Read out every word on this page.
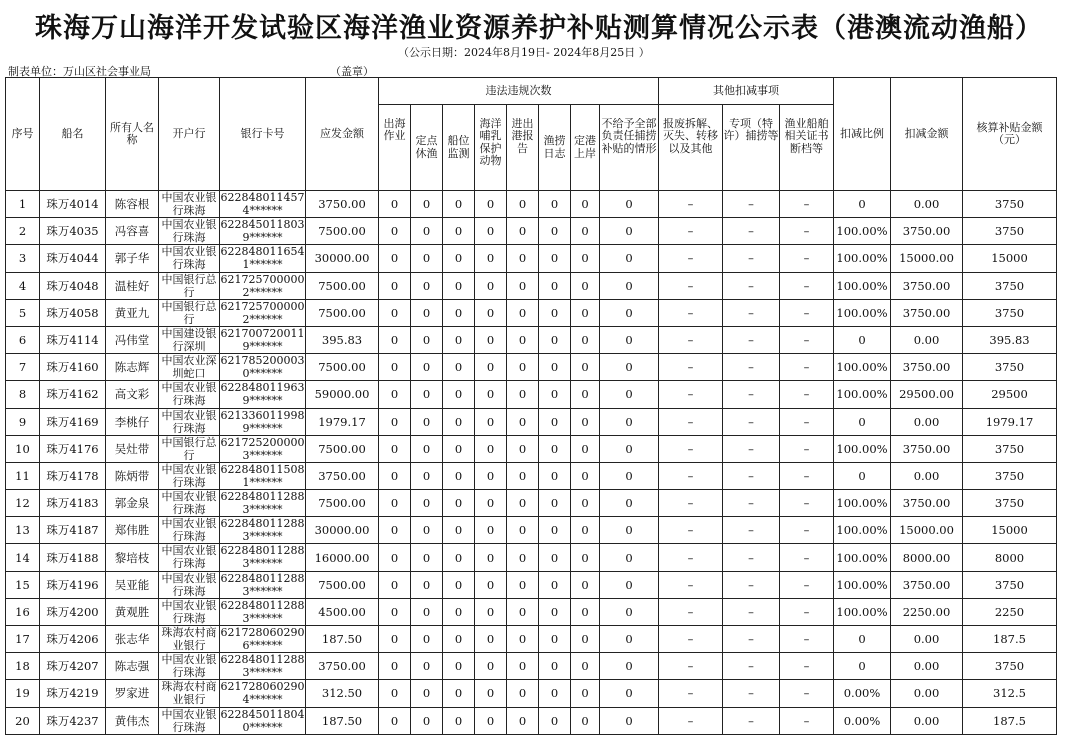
珠海万山海洋开发试验区海洋渔业资源养护补贴测算情况公示表（港澳流动渔船）
（公示日期：2024年8月19日- 2024年8月25日 ）
制表单位：万山区社会事业局	（盖章）
序号	船名	所有人名称	开户行	银行卡号	应发金额	违法违规次数								其他扣减事项			扣减比例	扣减金额	核算补贴金额（元）

						出海作业	定点休渔	船位监测	海洋哺乳保护动物	进出港报告	渔捞日志	定港上岸	不给予全部负责任捕捞补贴的情形	报废拆解、灭失、转移以及其他	专项（特许）捕捞等	渔业船舶相关证书断档等			

1	珠万4014	陈容根	中国农业银行珠海	6228480114574******	3750.00	0	0	0	0	0	0	0	0	–	–	–	0	0.00	3750
2	珠万4035	冯容喜	中国农业银行珠海	6228450118039******	7500.00	0	0	0	0	0	0	0	0	–	–	–	100.00%	3750.00	3750
3	珠万4044	郭子华	中国农业银行珠海	6228480116541******	30000.00	0	0	0	0	0	0	0	0	–	–	–	100.00%	15000.00	15000
4	珠万4048	温桂好	中国银行总行	6217257000002******	7500.00	0	0	0	0	0	0	0	0	–	–	–	100.00%	3750.00	3750
5	珠万4058	黄亚九	中国银行总行	6217257000002******	7500.00	0	0	0	0	0	0	0	0	–	–	–	100.00%	3750.00	3750
6	珠万4114	冯伟堂	中国建设银行深圳	6217007200119******	395.83	0	0	0	0	0	0	0	0	–	–	–	0	0.00	395.83
7	珠万4160	陈志辉	中国农业深圳蛇口	6217852000030******	7500.00	0	0	0	0	0	0	0	0	–	–	–	100.00%	3750.00	3750
8	珠万4162	高文彩	中国农业银行珠海	6228480119639******	59000.00	0	0	0	0	0	0	0	0	–	–	–	100.00%	29500.00	29500
9	珠万4169	李桃仔	中国农业银行珠海	6213360119989******	1979.17	0	0	0	0	0	0	0	0	–	–	–	0	0.00	1979.17
10	珠万4176	吴灶带	中国银行总行	6217252000003******	7500.00	0	0	0	0	0	0	0	0	–	–	–	100.00%	3750.00	3750
11	珠万4178	陈炳带	中国农业银行珠海	6228480115081******	3750.00	0	0	0	0	0	0	0	0	–	–	–	0	0.00	3750
12	珠万4183	郭金泉	中国农业银行珠海	6228480112883******	7500.00	0	0	0	0	0	0	0	0	–	–	–	100.00%	3750.00	3750
13	珠万4187	郑伟胜	中国农业银行珠海	6228480112883******	30000.00	0	0	0	0	0	0	0	0	–	–	–	100.00%	15000.00	15000
14	珠万4188	黎培枝	中国农业银行珠海	6228480112883******	16000.00	0	0	0	0	0	0	0	0	–	–	–	100.00%	8000.00	8000
15	珠万4196	吴亚能	中国农业银行珠海	6228480112883******	7500.00	0	0	0	0	0	0	0	0	–	–	–	100.00%	3750.00	3750
16	珠万4200	黄观胜	中国农业银行珠海	6228480112883******	4500.00	0	0	0	0	0	0	0	0	–	–	–	100.00%	2250.00	2250
17	珠万4206	张志华	珠海农村商业银行	6217280602906******	187.50	0	0	0	0	0	0	0	0	–	–	–	0	0.00	187.5
18	珠万4207	陈志强	中国农业银行珠海	6228480112883******	3750.00	0	0	0	0	0	0	0	0	–	–	–	0	0.00	3750
19	珠万4219	罗家进	珠海农村商业银行	6217280602904******	312.50	0	0	0	0	0	0	0	0	–	–	–	0.00%	0.00	312.5
20	珠万4237	黄伟杰	中国农业银行珠海	6228450118040******	187.50	0	0	0	0	0	0	0	0	–	–	–	0.00%	0.00	187.5
